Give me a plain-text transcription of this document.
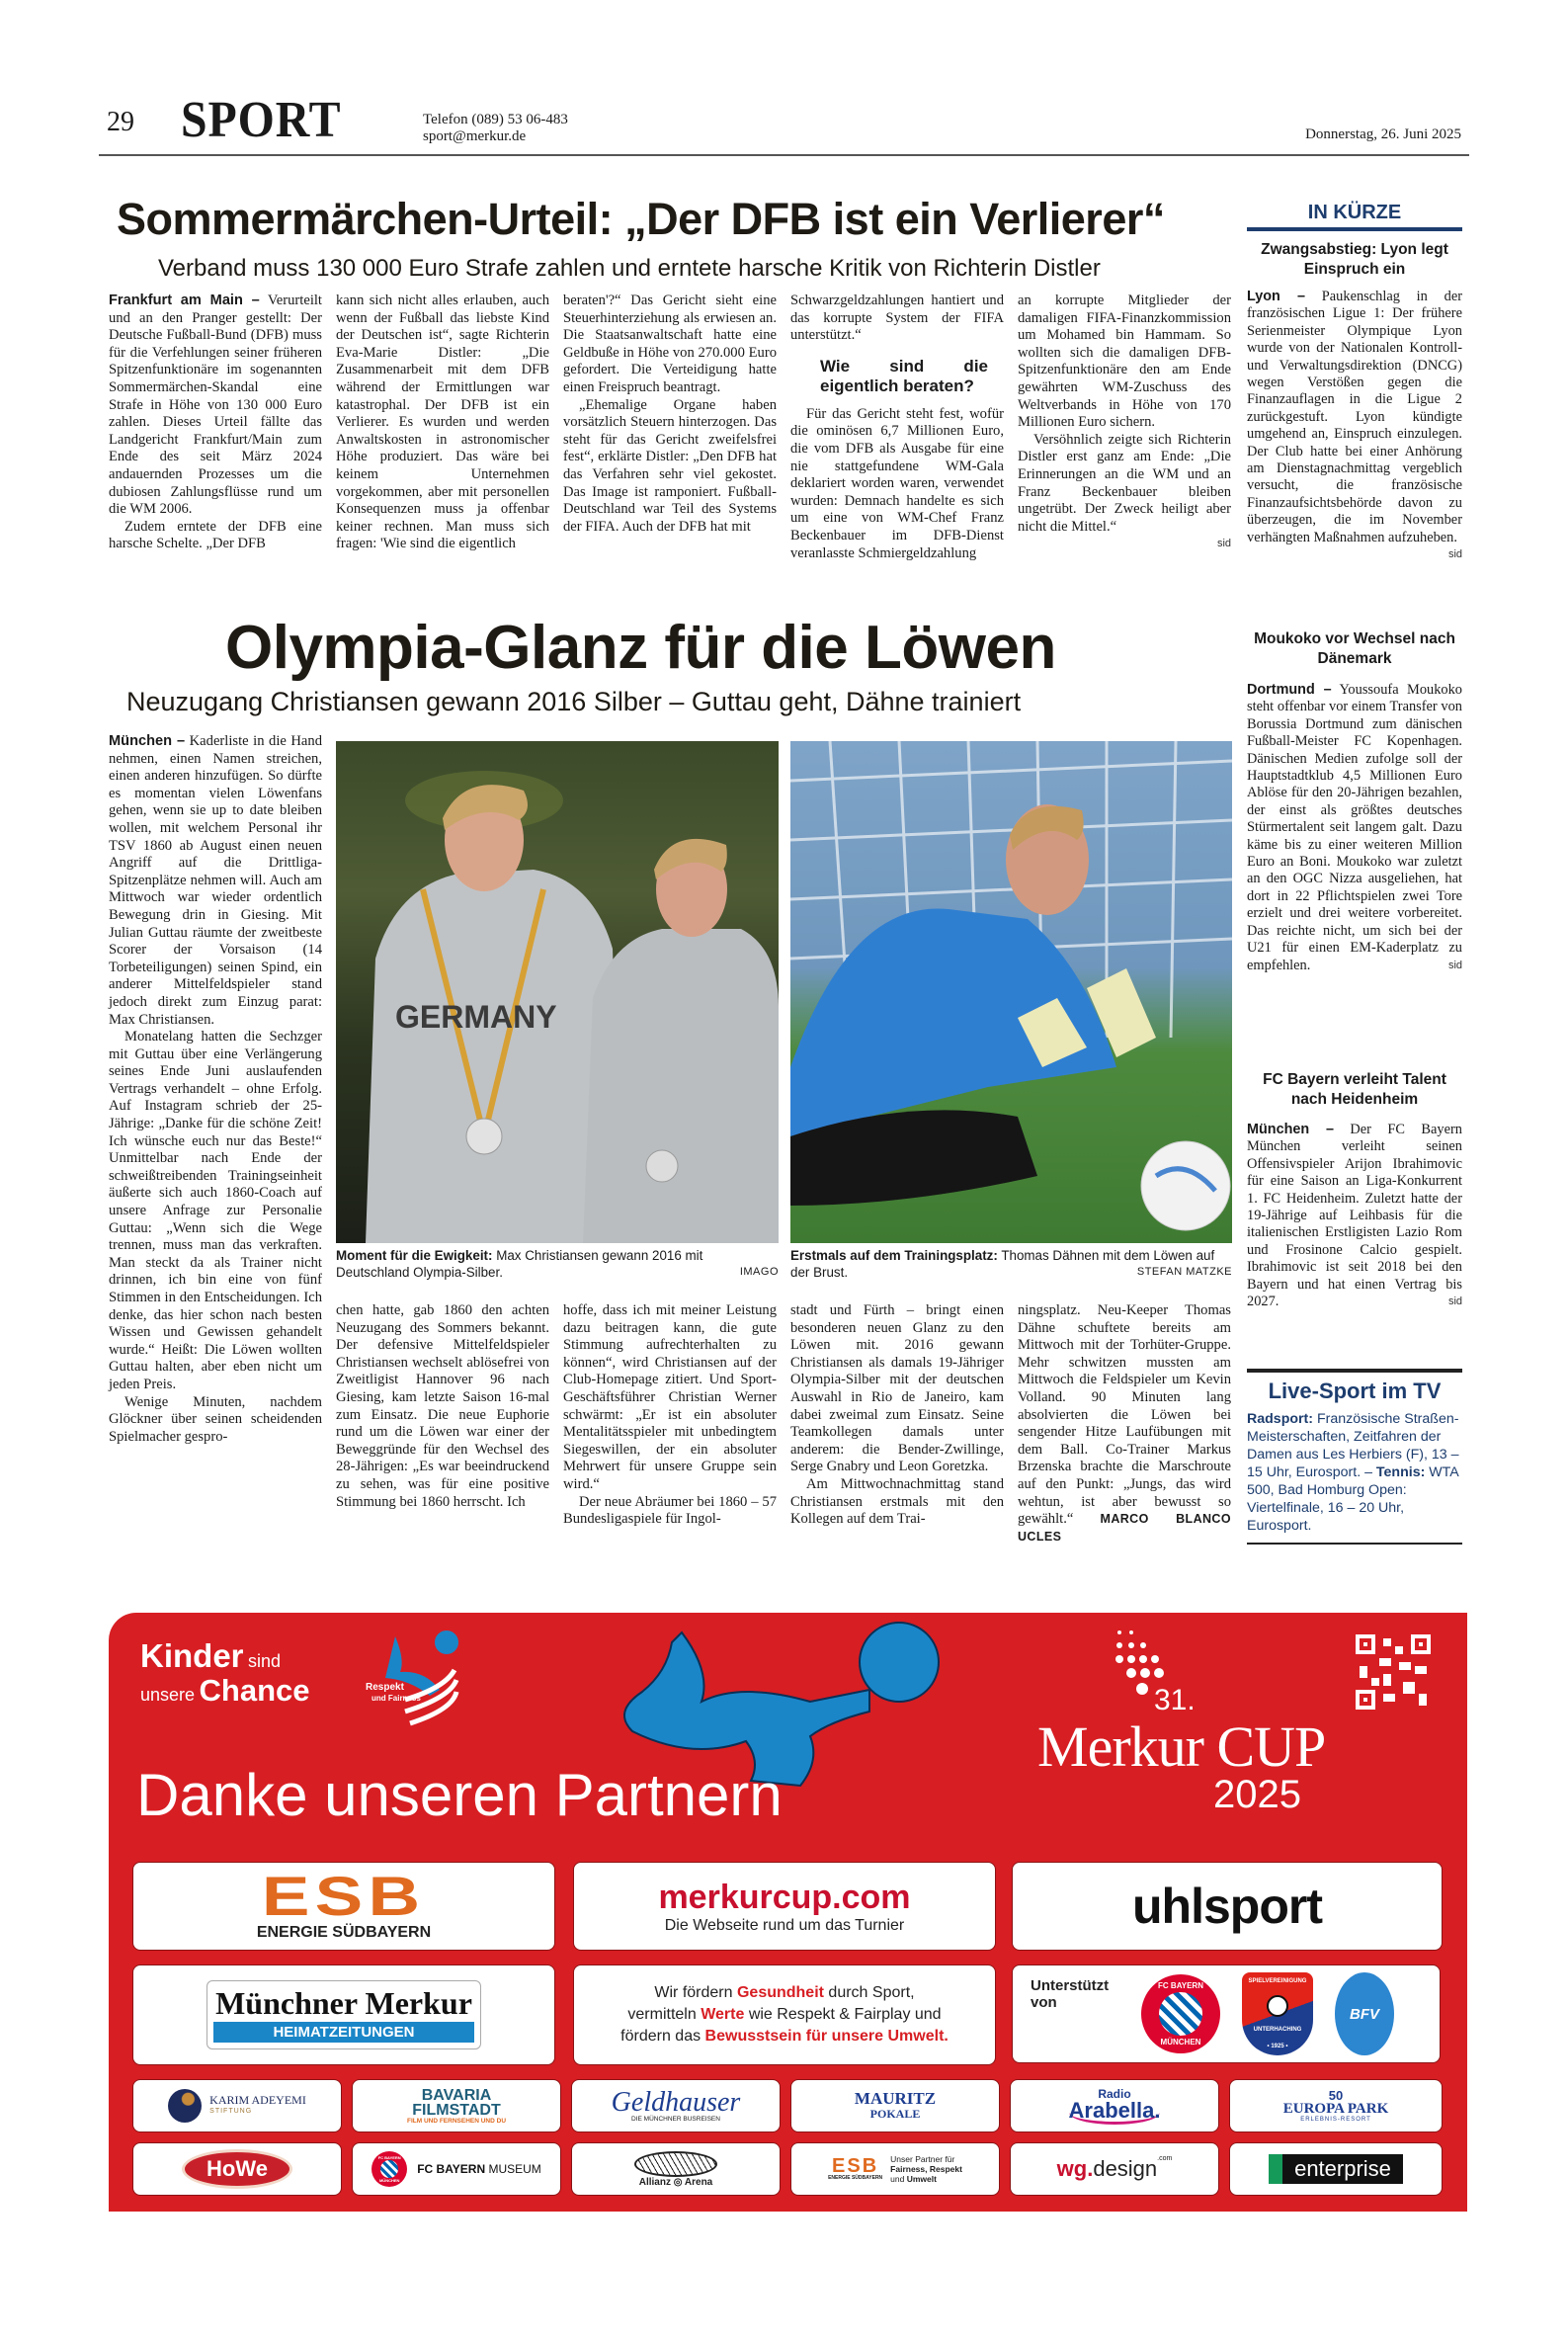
29 SPORT	Telefon (089) 53 06-483
sport@merkur.de	Donnerstag, 26. Juni 2025
Sommermärchen-Urteil: „Der DFB ist ein Verlierer“
Verband muss 130 000 Euro Strafe zahlen und erntete harsche Kritik von Richterin Distler

Frankfurt am Main – Verurteilt und an den Pranger gestellt: Der Deutsche Fußball-Bund (DFB) muss für die Verfehlungen seiner früheren Spitzenfunktionäre im sogenannten Sommermärchen-Skandal eine Strafe in Höhe von 130 000 Euro zahlen. Dieses Urteil fällte das Landgericht Frankfurt/Main zum Ende des seit März 2024 andauernden Prozesses um die dubiosen Zahlungsflüsse rund um die WM 2006.

Zudem erntete der DFB eine harsche Schelte. „Der DFB

kann sich nicht alles erlauben, auch wenn der Fußball das liebste Kind der Deutschen ist“, sagte Richterin Eva-Marie Distler: „Die Zusammenarbeit mit dem DFB während der Ermittlungen war katastrophal. Der DFB ist ein Verlierer. Es wurden und werden Anwaltskosten in astronomischer Höhe produziert. Das wäre bei keinem Unternehmen vorgekommen, aber mit personellen Konsequenzen muss ja offenbar keiner rechnen. Man muss sich fragen: 'Wie sind die eigentlich

beraten'?“ Das Gericht sieht eine Steuerhinterziehung als erwiesen an. Die Staatsanwaltschaft hatte eine Geldbuße in Höhe von 270.000 Euro gefordert. Die Verteidigung hatte einen Freispruch beantragt.

„Ehemalige Organe haben vorsätzlich Steuern hinterzogen. Das steht für das Gericht zweifelsfrei fest“, erklärte Distler: „Den DFB hat das Verfahren sehr viel gekostet. Das Image ist ramponiert. Fußball-Deutschland war Teil des Systems der FIFA. Auch der DFB hat mit

Schwarzgeldzahlungen hantiert und das korrupte System der FIFA unterstützt.“

Wie sind die eigentlich beraten?

Für das Gericht steht fest, wofür die ominösen 6,7 Millionen Euro, die vom DFB als Ausgabe für eine nie stattgefundene WM-Gala deklariert worden waren, verwendet wurden: Demnach handelte es sich um eine von WM-Chef Franz Beckenbauer im DFB-Dienst veranlasste Schmiergeldzahlung

an korrupte Mitglieder der damaligen FIFA-Finanzkommission um Mohamed bin Hammam. So wollten sich die damaligen DFB-Spitzenfunktionäre den am Ende gewährten WM-Zuschuss des Weltverbands in Höhe von 170 Millionen Euro sichern.

Versöhnlich zeigte sich Richterin Distler erst ganz am Ende: „Die Erinnerungen an die WM und an Franz Beckenbauer bleiben ungetrübt. Der Zweck heiligt aber nicht die Mittel.“

sid
IN KÜRZE
Zwangsabstieg: Lyon legt Einspruch ein
Lyon – Paukenschlag in der französischen Ligue 1: Der frühere Serienmeister Olympique Lyon wurde von der Nationalen Kontroll- und Verwaltungsdirektion (DNCG) wegen Verstößen gegen die Finanzauflagen in die Ligue 2 zurückgestuft. Lyon kündigte umgehend an, Einspruch einzulegen. Der Club hatte bei einer Anhörung am Dienstagnachmittag vergeblich versucht, die französische Finanzaufsichtsbehörde davon zu überzeugen, die im November verhängten Maßnahmen aufzuheben.
sid
Moukoko vor Wechsel nach Dänemark
Dortmund – Youssoufa Moukoko steht offenbar vor einem Transfer von Borussia Dortmund zum dänischen Fußball-Meister FC Kopenhagen. Dänischen Medien zufolge soll der Hauptstadtklub 4,5 Millionen Euro Ablöse für den 20-Jährigen bezahlen, der einst als größtes deutsches Stürmertalent seit langem galt. Dazu käme bis zu einer weiteren Million Euro an Boni. Moukoko war zuletzt an den OGC Nizza ausgeliehen, hat dort in 22 Pflichtspielen zwei Tore erzielt und drei weitere vorbereitet. Das reichte nicht, um sich bei der U21 für einen EM-Kaderplatz zu empfehlen.	sid
FC Bayern verleiht Talent nach Heidenheim
München – Der FC Bayern München verleiht seinen Offensivspieler Arijon Ibrahimovic für eine Saison an Liga-Konkurrent 1. FC Heidenheim. Zuletzt hatte der 19-Jährige auf Leihbasis für die italienischen Erstligisten Lazio Rom und Frosinone Calcio gespielt. Ibrahimovic ist seit 2018 bei den Bayern und hat einen Vertrag bis 2027.	sid
Live-Sport im TV
Radsport: Französische Straßen-Meisterschaften, Zeitfahren der Damen aus Les Herbiers (F), 13 – 15 Uhr, Eurosport. – Tennis: WTA 500, Bad Homburg Open: Viertelfinale, 16 – 20 Uhr, Eurosport.
Olympia-Glanz für die Löwen
Neuzugang Christiansen gewann 2016 Silber – Guttau geht, Dähne trainiert

München – Kaderliste in die Hand nehmen, einen Namen streichen, einen anderen hinzufügen. So dürfte es momentan vielen Löwenfans gehen, wenn sie up to date bleiben wollen, mit welchem Personal ihr TSV 1860 ab August einen neuen Angriff auf die Drittliga-Spitzenplätze nehmen will. Auch am Mittwoch war wieder ordentlich Bewegung drin in Giesing. Mit Julian Guttau räumte der zweitbeste Scorer der Vorsaison (14 Torbeteiligungen) seinen Spind, ein anderer Mittelfeldspieler stand jedoch direkt zum Einzug parat: Max Christiansen.

Monatelang hatten die Sechzger mit Guttau über eine Verlängerung seines Ende Juni auslaufenden Vertrags verhandelt – ohne Erfolg. Auf Instagram schrieb der 25-Jährige: „Danke für die schöne Zeit! Ich wünsche euch nur das Beste!“ Unmittelbar nach Ende der schweißtreibenden Trainingseinheit äußerte sich auch 1860-Coach auf unsere Anfrage zur Personalie Guttau: „Wenn sich die Wege trennen, muss man das verkraften. Man steckt da als Trainer nicht drinnen, ich bin eine von fünf Stimmen in den Entscheidungen. Ich denke, das hier schon nach besten Wissen und Gewissen gehandelt wurde.“ Heißt: Die Löwen wollten Guttau halten, aber eben nicht um jeden Preis.

Wenige Minuten, nachdem Glöckner über seinen scheidenden Spielmacher gespro-

GERMANY
Moment für die Ewigkeit: Max Christiansen gewann 2016 mit Deutschland Olympia-Silber.	IMAGO
Erstmals auf dem Trainingsplatz: Thomas Dähnen mit dem Löwen auf der Brust.	STEFAN MATZKE

chen hatte, gab 1860 den achten Neuzugang des Sommers bekannt. Der defensive Mittelfeldspieler Christiansen wechselt ablösefrei von Zweitligist Hannover 96 nach Giesing, kam letzte Saison 16-mal zum Einsatz. Die neue Euphorie rund um die Löwen war einer der Beweggründe für den Wechsel des 28-Jährigen: „Es war beeindruckend zu sehen, was für eine positive Stimmung bei 1860 herrscht. Ich

hoffe, dass ich mit meiner Leistung dazu beitragen kann, die gute Stimmung aufrechterhalten zu können“, wird Christiansen auf der Club-Homepage zitiert. Und Sport-Geschäftsführer Christian Werner schwärmt: „Er ist ein absoluter Mentalitätsspieler mit unbedingtem Siegeswillen, der ein absoluter Mehrwert für unsere Gruppe sein wird.“

Der neue Abräumer bei 1860 – 57 Bundesligaspiele für Ingol-

stadt und Fürth – bringt einen besonderen neuen Glanz zu den Löwen mit. 2016 gewann Christiansen als damals 19-Jähriger Olympia-Silber mit der deutschen Auswahl in Rio de Janeiro, kam dabei zweimal zum Einsatz. Seine Teamkollegen damals unter anderem: die Bender-Zwillinge, Serge Gnabry und Leon Goretzka.

Am Mittwochnachmittag stand Christiansen erstmals mit den Kollegen auf dem Trai-

ningsplatz. Neu-Keeper Thomas Dähne schuftete bereits am Mittwoch mit der Torhüter-Gruppe. Mehr schwitzen mussten am Mittwoch die Feldspieler um Kevin Volland. 90 Minuten lang absolvierten die Löwen bei sengender Hitze Laufübungen mit dem Ball. Co-Trainer Markus Brzenska brachte die Marschroute auf den Punkt: „Jungs, das wird wehtun, ist aber bewusst so gewählt.“ MARCO BLANCO UCLES

Kinder sind
unsere Chance	Respekt
und Fairness
Danke unseren Partnern
31.
Merkur CUP
2025
ESB
ENERGIE SÜDBAYERN
merkurcup.com
Die Webseite rund um das Turnier	uhlsport
Münchner Merkur
HEIMATZEITUNGEN
Wir fördern Gesundheit durch Sport,
vermitteln Werte wie Respekt & Fairplay und
fördern das Bewusstsein für unsere Umwelt.
Unterstützt von
FC BAYERN
MÜNCHEN
SPIELVEREINIGUNG
UNTERHACHING
• 1925 •
BFV
KARIM ADEYEMI
STIFTUNG
BAVARIA FILMSTADT
FILM UND FERNSEHEN UND DU
Geldhauser
DIE MÜNCHNER BUSREISEN
MAURITZ
POKALE
Radio
Arabella.
50
EUROPA PARK
ERLEBNIS-RESORT
HoWe	FC BAYERN
MÜNCHEN
FC BAYERN MUSEUM
Allianz ◎ Arena
ESB
ENERGIE SÜDBAYERN
Unser Partner für
Fairness, Respekt
und Umwelt	wg. design$^{.com}$	enterprise
